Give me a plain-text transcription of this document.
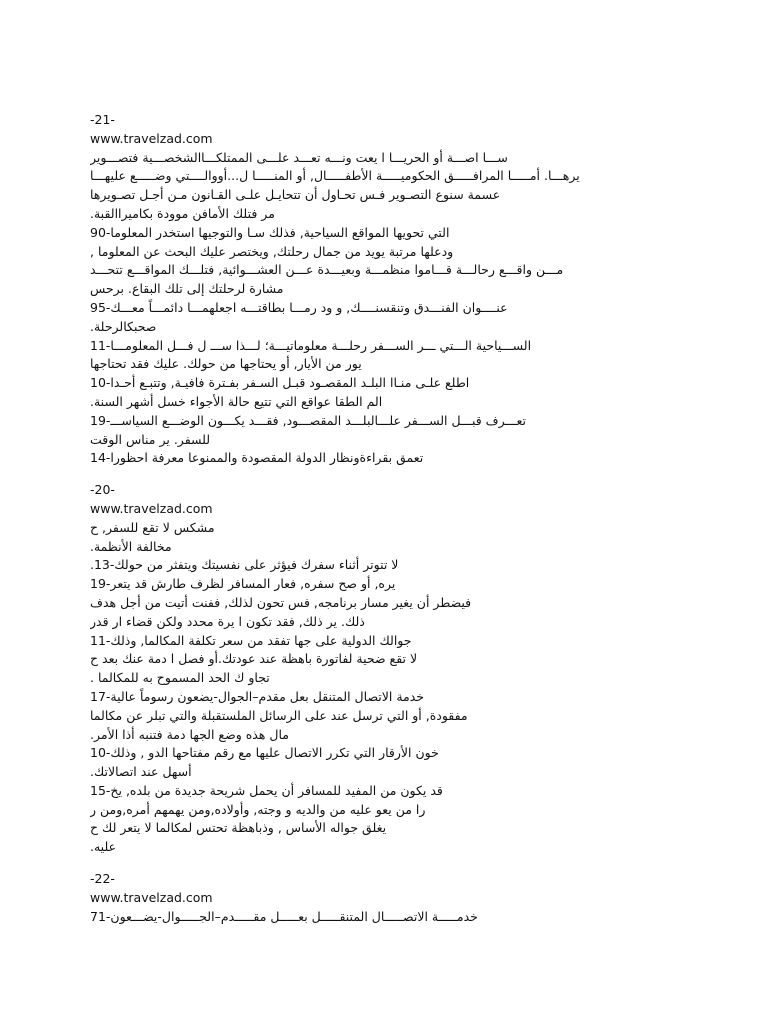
-21-
www.travelzad.com
ســـا اصـــة أو الحريـــا ا يعت ونـــه تعـــد علـــى الممتلكـــاالشخصـــية فتصـــوير
يرهـــا. أمـــــا المرافـــــق الحكوميـــــة الأطفـــــال, أو المنـــــا ل...أووالــــتي وضـــــع عليهـــا
عسمة سنوع التصـوير فـس تحـاول أن تتحايـل علـى القـانون مـن أجـل تصـويرها
مر فتلك الأمافن موودة بكاميراالقبة.
التي تحويها المواقع السياحية, فذلك سـا والتوجيها استخدر المعلوما-90
ودعلها مرتبة يويد من جمال رحلتك, ويختصر عليك البحث عن المعلوما ,
مـــن واقـــع رحالـــة قـــاموا منظمـــة وبعيـــدة عـــن العشـــوائية, فتلـــك المواقـــع تتحـــد
مشارة لرحلتك إلى تلك البقاع. برحس
عنــــوان الفنـــدق وتنقسنــــك, و ود رمـــا بطاقتـــه اجعلهمـــا دائمـــاً معـــك-95
صحبكالرحلة.
الســـياحية الـــتي ـــر الســـفر رحلـــة معلوماتيـــة؛ لـــذا ســـ ل فـــل المعلومـــا-11
يور من الأيار, أو يحتاجها من حولك. عليك فقد تحتاجها
اطلع علـى منـاا البلـد المقصـود قبـل السـفر بفـترة فافيـة, وتتبـع أحـدا-10
الم الطقا عواقع التي تتيع حالة الأجواء خسل أشهر السنة.
تعـــرف قبـــل الســـفر علـــالبلـــد المقصـــود, فقـــد يكـــون الوضـــع السياســـ-19
للسفر. ير مناس الوقت
تعمق بقراءةونظار الدولة المقصودة والممنوعا معرفة احظورا-14
-20-
www.travelzad.com
مشكس لا تقع للسفر, ح
مخالفة الأنظمة.
لا تتوتر أثناء سفرك فيؤثر على نفسيتك ويتفثر من حولك-13.
يره, أو صح سفره, فعار المسافر لظرف طارش قد يتعر-19
فيضطر أن يغير مسار برنامجه, فس تحون لذلك, ففنت أتيت من أجل هدف
ذلك. ير ذلك, فقد تكون ا يرة محدد ولكن قضاء ار قدر
جوالك الدولية على جها تفقد من سعر تكلفة المكالما, وذلك-11
لا تقع ضحية لفاتورة باهظة عند عودتك.أو فصل ا دمة عنك بعد ح
تجاو ك الحد المسموح به للمكالما .
خدمة الاتصال المتنقل بعل مقدم–الجوال-يضعون رسوماً عالية-17
مفقودة, أو التي ترسل عند على الرسائل الملستقبلة والتي تبلر عن مكالما
مال هذه وضع الجها دمة فتنبه أذا الأمر.
خون الأرقار التي تكرر الاتصال عليها مع رقم مفتاحها الدو , وذلك-10
أسهل عند اتصالاتك.
قد يكون من المفيد للمسافر أن يحمل شريحة جديدة من بلده, يخ-15
را من يعو عليه من والديه و وجته, وأولاده,ومن يهمهم أمره,ومن ر
يغلق جواله الأساس , وذباهظة تحتس لمكالما لا يتعر لك ح
عليه.
-22-
www.travelzad.com
خدمـــــة الاتصـــــال المتنقـــــل بعـــــل مقـــــدم–الجـــــوال-يضـــعون-71
